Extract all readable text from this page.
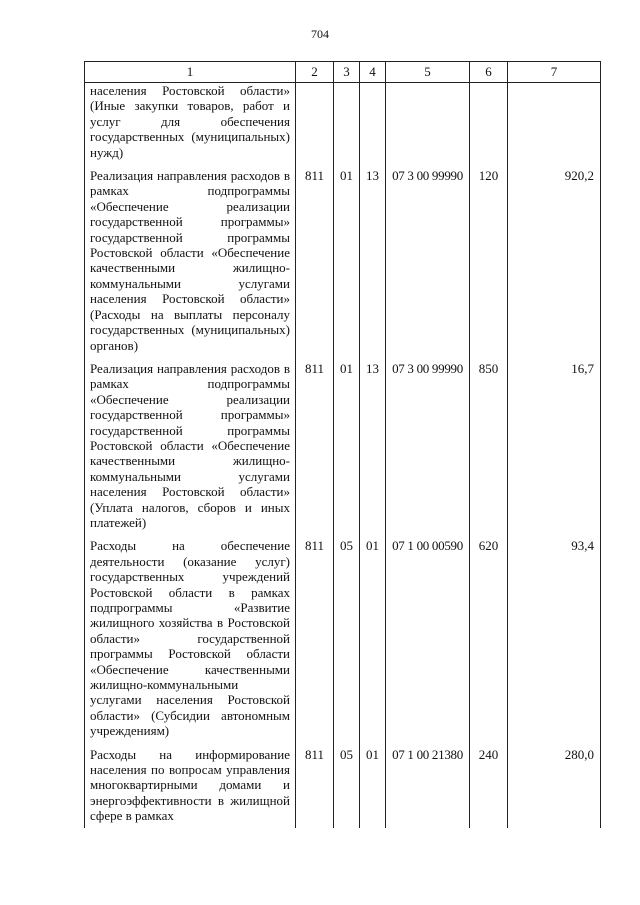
704
1	2	3	4	5	6	7
населения Ростовской области» (Иные закупки товаров, работ и услуг для обеспечения государственных (муниципальных) нужд)						
Реализация направления расходов в рамках подпрограммы «Обеспечение реализации государственной программы» государственной программы Ростовской области «Обеспечение качественными жилищно-коммунальными услугами населения Ростовской области» (Расходы на выплаты персоналу государственных (муниципальных) органов)	811	01	13	07 3 00 99990	120	920,2
Реализация направления расходов в рамках подпрограммы «Обеспечение реализации государственной программы» государственной программы Ростовской области «Обеспечение качественными жилищно-коммунальными услугами населения Ростовской области» (Уплата налогов, сборов и иных платежей)	811	01	13	07 3 00 99990	850	16,7
Расходы на обеспечение деятельности (оказание услуг) государственных учреждений Ростовской области в рамках подпрограммы «Развитие жилищного хозяйства в Ростовской области» государственной программы Ростовской области «Обеспечение качественными жилищно-коммунальными услугами населения Ростовской области» (Субсидии автономным учреждениям)	811	05	01	07 1 00 00590	620	93,4
Расходы на информирование населения по вопросам управления многоквартирными домами и энергоэффективности в жилищной сфере в рамках	811	05	01	07 1 00 21380	240	280,0
